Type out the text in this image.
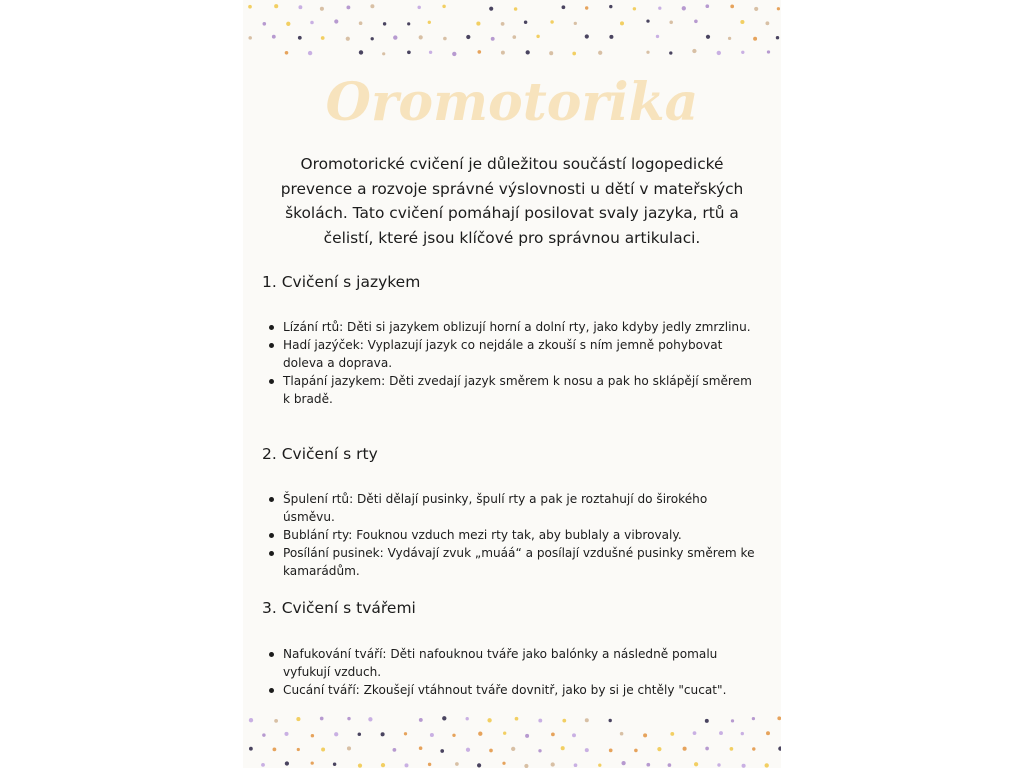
Oromotorika
Oromotorické cvičení je důležitou součástí logopedické prevence a rozvoje správné výslovnosti u dětí v mateřských školách. Tato cvičení pomáhají posilovat svaly jazyka, rtů a čelistí, které jsou klíčové pro správnou artikulaci.
1. Cvičení s jazykem
Lízání rtů: Děti si jazykem oblizují horní a dolní rty, jako kdyby jedly zmrzlinu.
Hadí jazýček: Vyplazují jazyk co nejdále a zkouší s ním jemně pohybovat doleva a doprava.
Tlapání jazykem: Děti zvedají jazyk směrem k nosu a pak ho sklápějí směrem k bradě.
2. Cvičení s rty
Špulení rtů: Děti dělají pusinky, špulí rty a pak je roztahují do širokého úsměvu.
Bublání rty: Fouknou vzduch mezi rty tak, aby bublaly a vibrovaly.
Posílání pusinek: Vydávají zvuk „muáá“ a posílají vzdušné pusinky směrem ke kamarádům.
3. Cvičení s tvářemi
Nafukování tváří: Děti nafouknou tváře jako balónky a následně pomalu vyfukují vzduch.
Cucání tváří: Zkoušejí vtáhnout tváře dovnitř, jako by si je chtěly "cucat".
